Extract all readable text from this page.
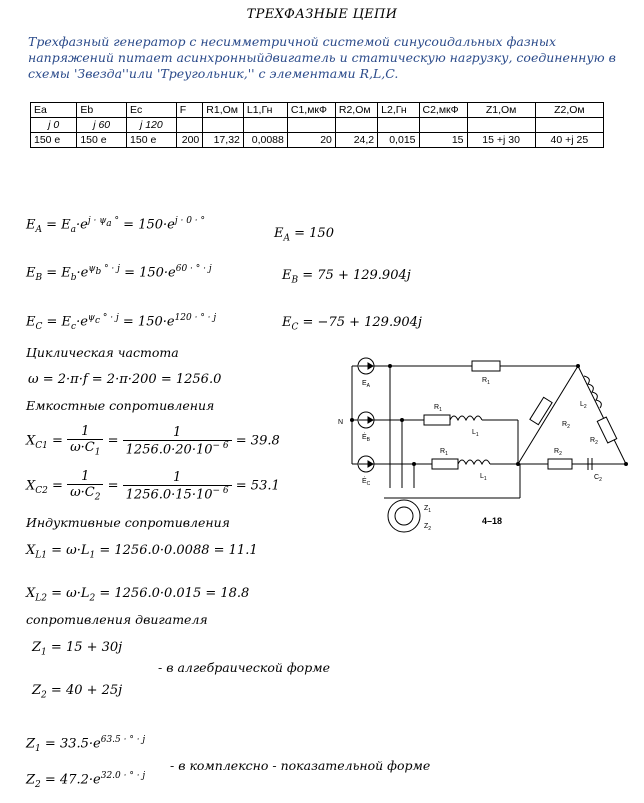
ТРЕХФАЗНЫЕ ЦЕПИ
Трехфазный генератор с несимметричной системой синусоидальных фазных напряжений питает асинхронныйдвигатель и статическую нагрузку, соединенную в схемы 'Звезда''или 'Треугольник,'' с элементами R,L,C.
Ea	Eb	Ec	F	R1,Ом	L1,Гн	C1,мкФ	R2,Ом	L2,Гн	C2,мкФ	Z1,Ом	Z2,Ом
j 0	j 60	j 120									
150 e	150 e	150 e	200	17,32	0,0088	20	24,2	0,015	15	15 +j 30	40 +j 25
$E_A = E_a\cdot e^{j \cdot \psi_a ^\circ} = 150\cdot e^{j \cdot 0 \cdot ^\circ}$
$E_A = 150$
$E_B = E_b\cdot e^{\psi_b ^\circ \cdot j} = 150\cdot e^{60 \cdot ^\circ \cdot j}$	$E_B = 75 + 129.904j$
$E_C = E_c\cdot e^{\psi_c ^\circ \cdot j} = 150\cdot e^{120 \cdot ^\circ \cdot j}$	$E_C = -75 + 129.904j$
Циклическая частота
ω = 2·π·f = 2·π·200 = 1256.0
Емкостные сопротивления
$X_{C1} = \frac{1}{\omega\cdot C_1} = \frac{1}{1256.0\cdot 20\cdot 10^{- 6}} = 39.8$
$X_{C2} = \frac{1}{\omega\cdot C_2} = \frac{1}{1256.0\cdot 15\cdot 10^{- 6}} = 53.1$
Индуктивные сопротивления
$X_{L1} = \omega\cdot L_1 = 1256.0\cdot 0.0088 = 11.1$
$X_{L2} = \omega\cdot L_2 = 1256.0\cdot 0.015 = 18.8$
сопротивления двигателя
$Z_1 = 15 + 30j$
- в алгебраической форме
$Z_2 = 40 + 25j$
$Z_1 = 33.5\cdot e^{63.5 \cdot ^\circ \cdot j}$
- в комплексно - показательной форме
$Z_2 = 47.2\cdot e^{32.0 \cdot ^\circ \cdot j}$
$E_A$
$Ė_B$
$Ė_C$
N
$R_1$
$R_1$
$L_1$
$R_1$
$L_1$
$L_2$
$R_2$
$R_2$
$R_2$
$C_2$
$Z_1$
$Z_2$
4–18
